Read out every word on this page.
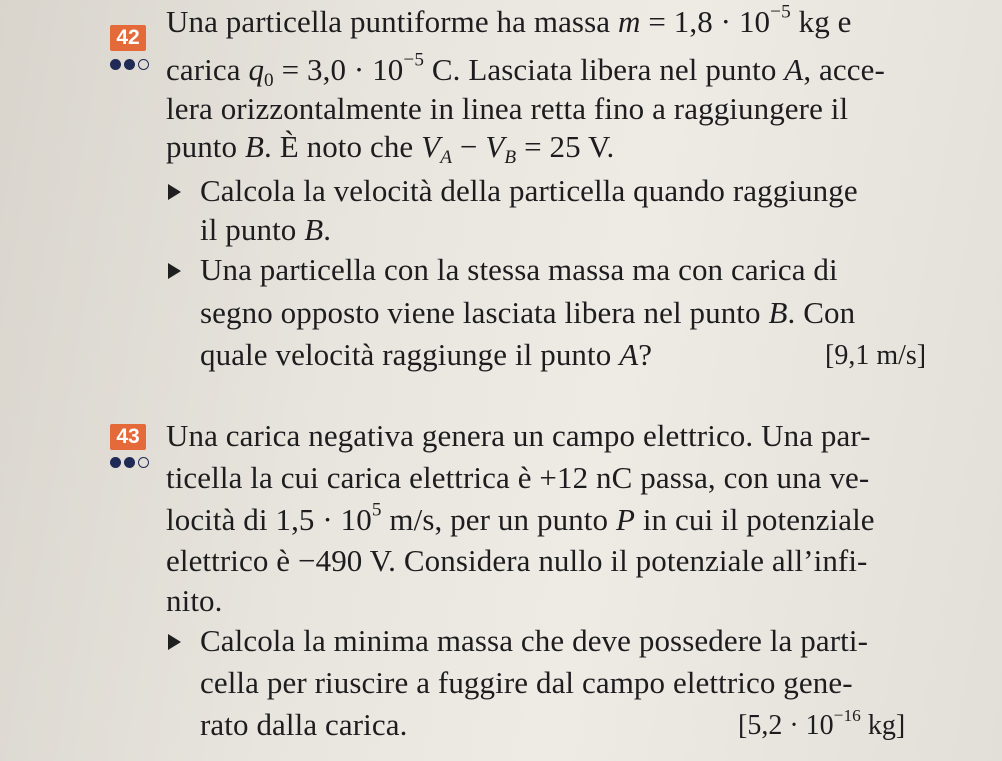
42 Una particella puntiforme ha massa $m = 1,8 \cdot 10^{-5}$ kg e
carica $q_0 = 3,0 \cdot 10^{-5}$ C. Lasciata libera nel punto A, acce-
lera orizzontalmente in linea retta fino a raggiungere il
punto B. È noto che $V_A - V_B = 25$ V.
Calcola la velocità della particella quando raggiunge
il punto B.
Una particella con la stessa massa ma con carica di
segno opposto viene lasciata libera nel punto B. Con
quale velocità raggiunge il punto A?	[9,1 m/s]
43 Una carica negativa genera un campo elettrico. Una par-
ticella la cui carica elettrica è +12 nC passa, con una ve-
locità di $1,5 \cdot 10^5$ m/s, per un punto P in cui il potenziale
elettrico è −490 V. Considera nullo il potenziale all’infi-
nito.
Calcola la minima massa che deve possedere la parti-
cella per riuscire a fuggire dal campo elettrico gene-
rato dalla carica.	[$5,2 \cdot 10^{-16}$ kg]
